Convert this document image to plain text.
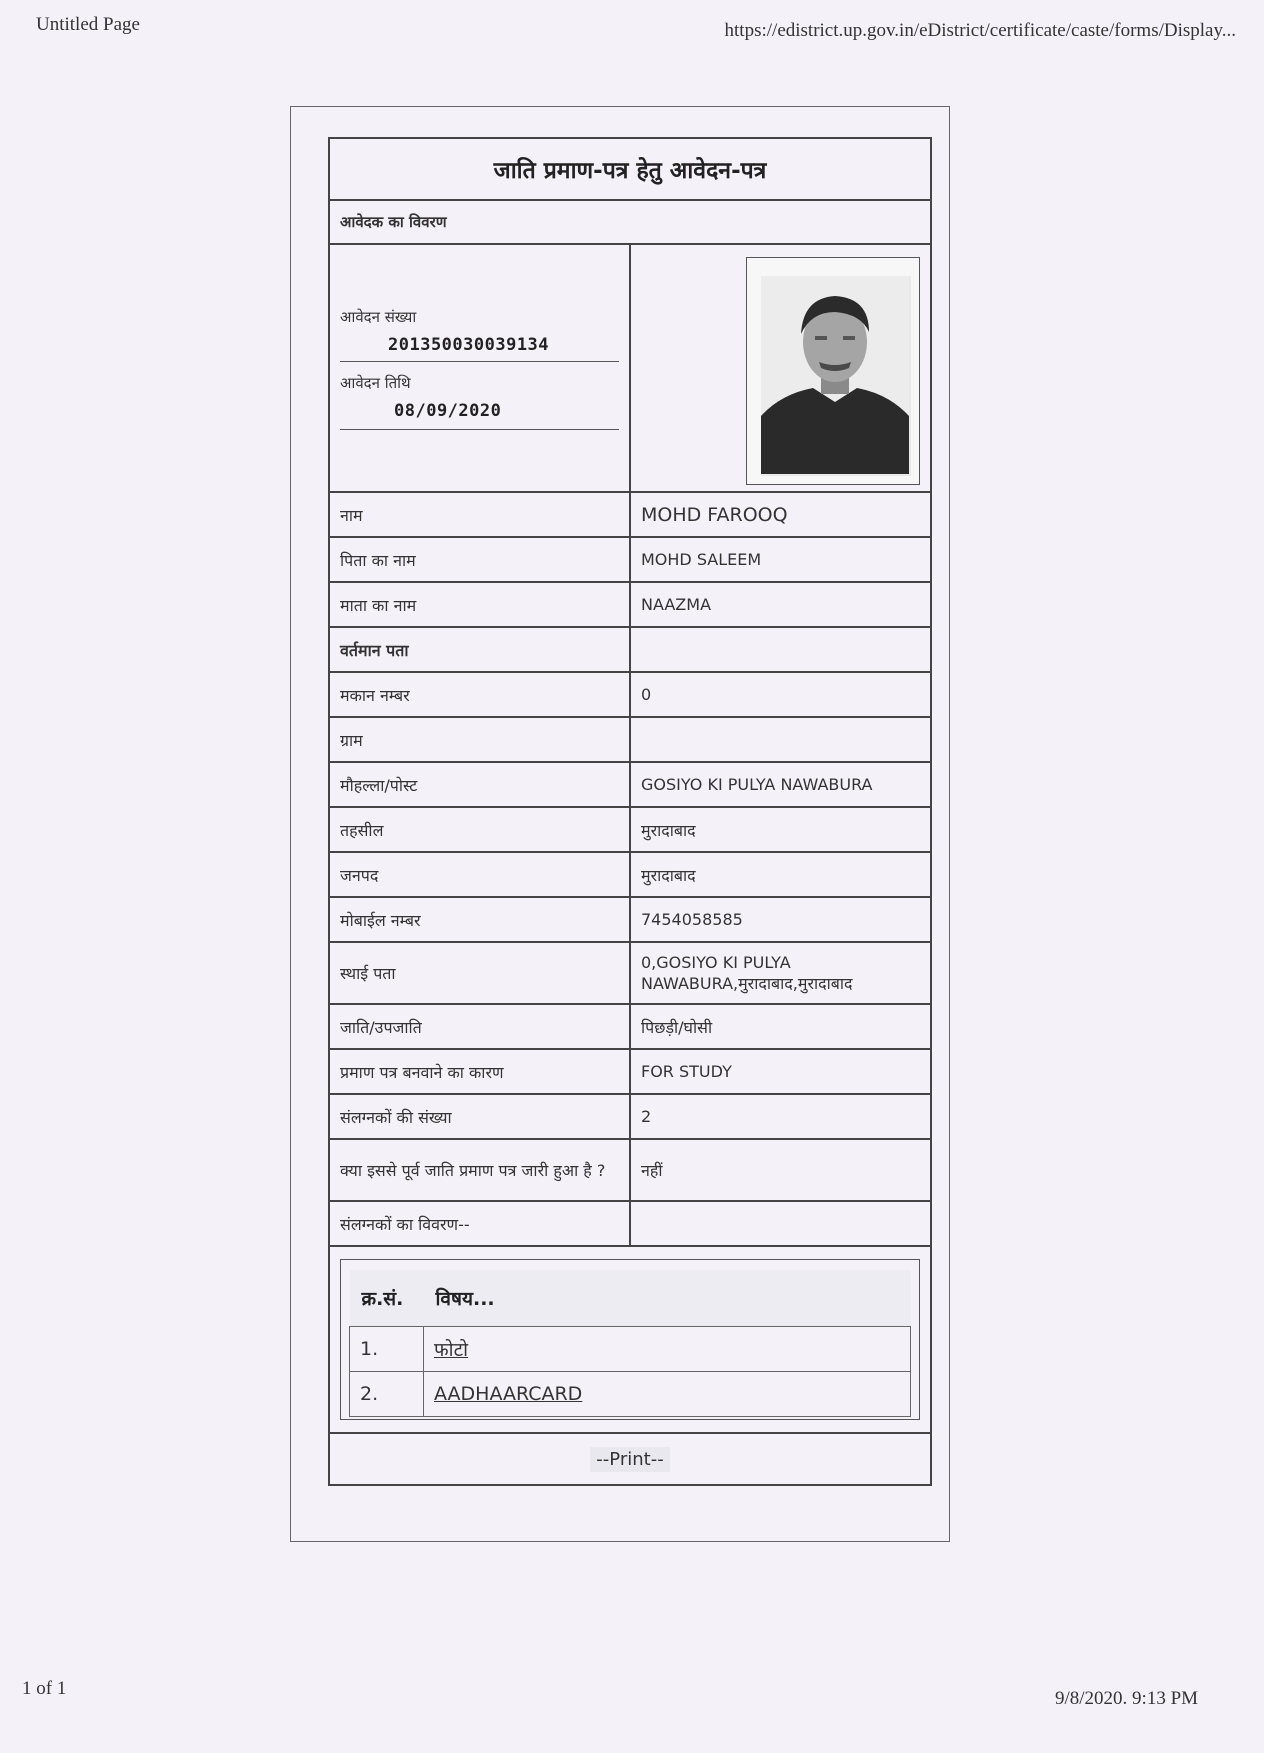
Untitled Page	https://edistrict.up.gov.in/eDistrict/certificate/caste/forms/Display...
जाति प्रमाण-पत्र हेतु आवेदन-पत्र
आवेदक का विवरण

आवेदन संख्या
201350030039134
आवेदन तिथि
08/09/2020

नाम	MOHD FAROOQ
पिता का नाम	MOHD SALEEM
माता का नाम	NAAZMA
वर्तमान पता	
मकान नम्बर	0
ग्राम	
मौहल्ला/पोस्ट	GOSIYO KI PULYA NAWABURA
तहसील	मुरादाबाद
जनपद	मुरादाबाद
मोबाईल नम्बर	7454058585
स्थाई पता	0,GOSIYO KI PULYA NAWABURA,मुरादाबाद,मुरादाबाद
जाति/उपजाति	पिछड़ी/घोसी
प्रमाण पत्र बनवाने का कारण	FOR STUDY
संलग्नकों की संख्या	2
क्या इससे पूर्व जाति प्रमाण पत्र जारी हुआ है ?	नहीं
संलग्नकों का विवरण--	

क्र.सं.	विषय...
1.	फोटो
2.	AADHAARCARD

--Print--
1 of 1	9/8/2020. 9:13 PM
